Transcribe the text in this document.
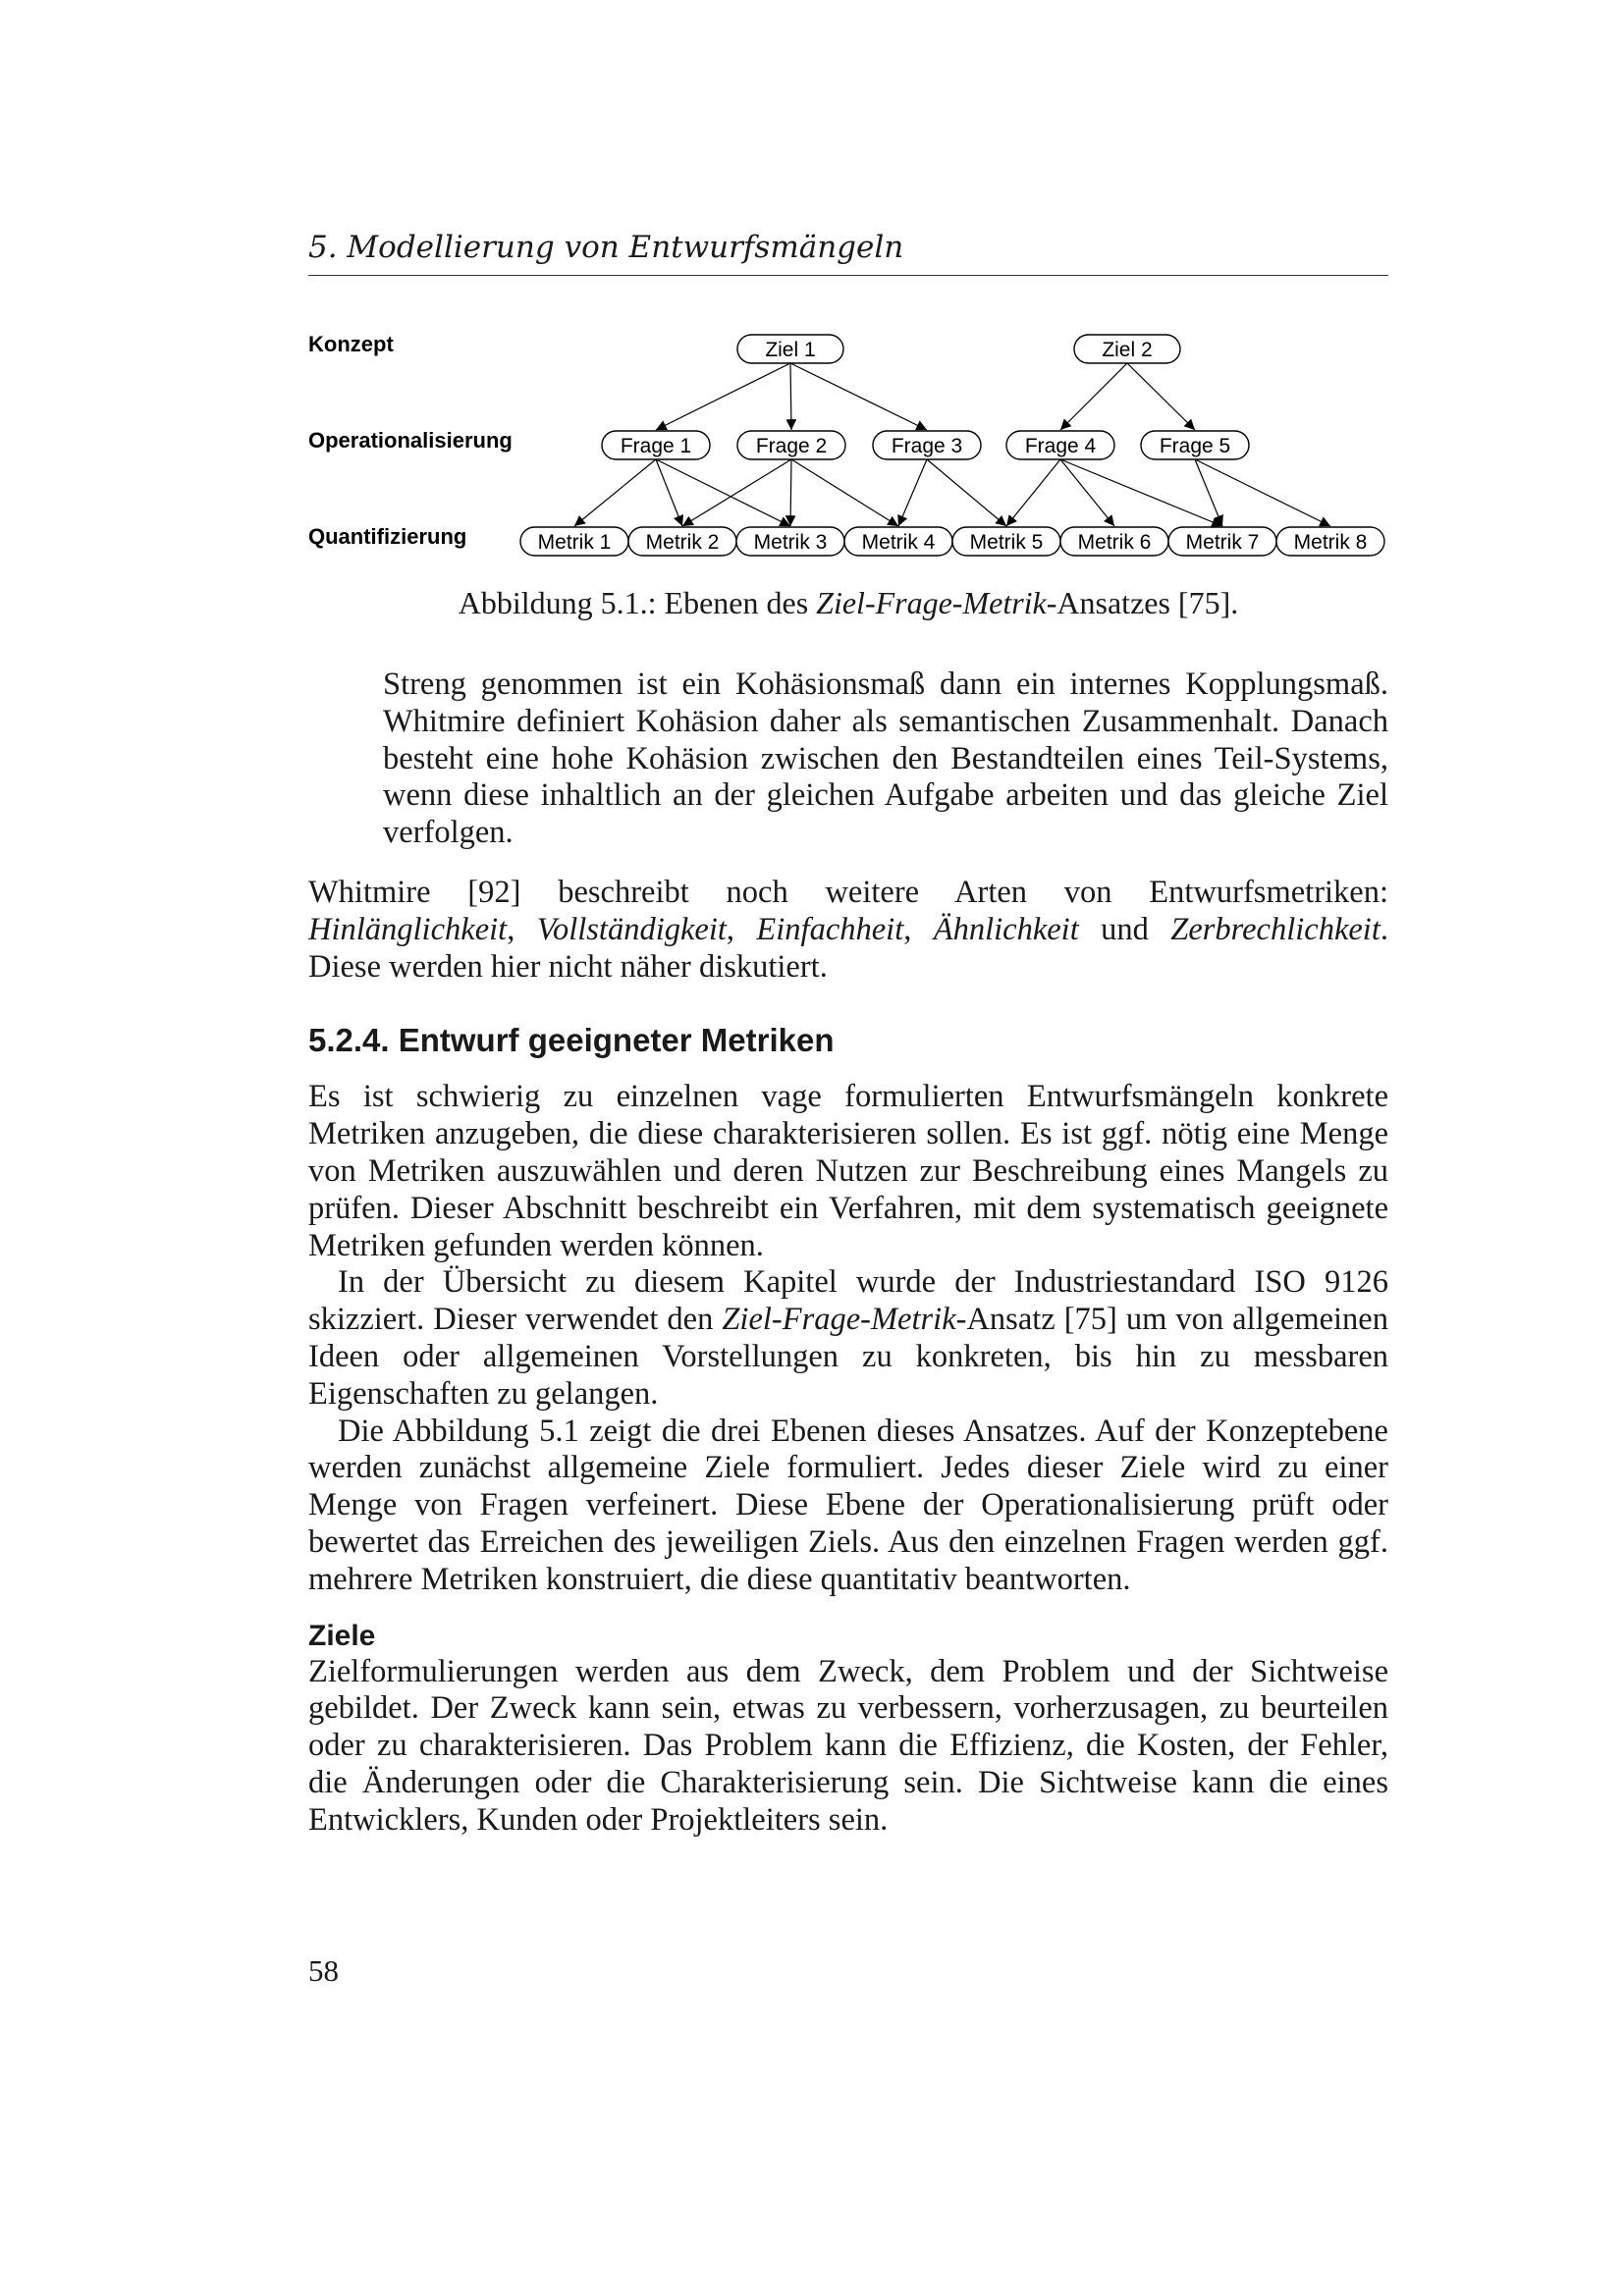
5. Modellierung von Entwurfsmängeln
Konzept
Operationalisierung
Quantifizierung
Ziel 1	Ziel 2
Frage 1	Frage 2	Frage 3	Frage 4	Frage 5
Metrik 1 Metrik 2 Metrik 3 Metrik 4 Metrik 5 Metrik 6 Metrik 7 Metrik 8
Abbildung 5.1.: Ebenen des Ziel-Frage-Metrik-Ansatzes [75].

Streng genommen ist ein Kohäsionsmaß dann ein internes Kopplungsmaß. Whitmire definiert Kohäsion daher als semantischen Zusammenhalt. Danach besteht eine hohe Kohäsion zwischen den Bestandteilen eines Teil-Systems, wenn diese inhaltlich an der gleichen Aufgabe arbeiten und das gleiche Ziel verfolgen.

Whitmire [92] beschreibt noch weitere Arten von Entwurfsmetriken: Hinlänglichkeit, Vollständigkeit, Einfachheit, Ähnlichkeit und Zerbrechlichkeit. Diese werden hier nicht näher diskutiert.

5.2.4. Entwurf geeigneter Metriken

Es ist schwierig zu einzelnen vage formulierten Entwurfsmängeln konkrete Metriken anzugeben, die diese charakterisieren sollen. Es ist ggf. nötig eine Menge von Metriken auszuwählen und deren Nutzen zur Beschreibung eines Mangels zu prüfen. Dieser Abschnitt beschreibt ein Verfahren, mit dem systematisch geeignete Metriken gefunden werden können.

In der Übersicht zu diesem Kapitel wurde der Industriestandard ISO 9126 skizziert. Dieser verwendet den Ziel-Frage-Metrik-Ansatz [75] um von allgemeinen Ideen oder allgemeinen Vorstellungen zu konkreten, bis hin zu messbaren Eigenschaften zu gelangen.

Die Abbildung 5.1 zeigt die drei Ebenen dieses Ansatzes. Auf der Konzeptebene werden zunächst allgemeine Ziele formuliert. Jedes dieser Ziele wird zu einer Menge von Fragen verfeinert. Diese Ebene der Operationalisierung prüft oder bewertet das Erreichen des jeweiligen Ziels. Aus den einzelnen Fragen werden ggf. mehrere Metriken konstruiert, die diese quantitativ beantworten.

Ziele

Zielformulierungen werden aus dem Zweck, dem Problem und der Sichtweise gebildet. Der Zweck kann sein, etwas zu verbessern, vorherzusagen, zu beurteilen oder zu charakterisieren. Das Problem kann die Effizienz, die Kosten, der Fehler, die Änderungen oder die Charakterisierung sein. Die Sichtweise kann die eines Entwicklers, Kunden oder Projektleiters sein.

58
